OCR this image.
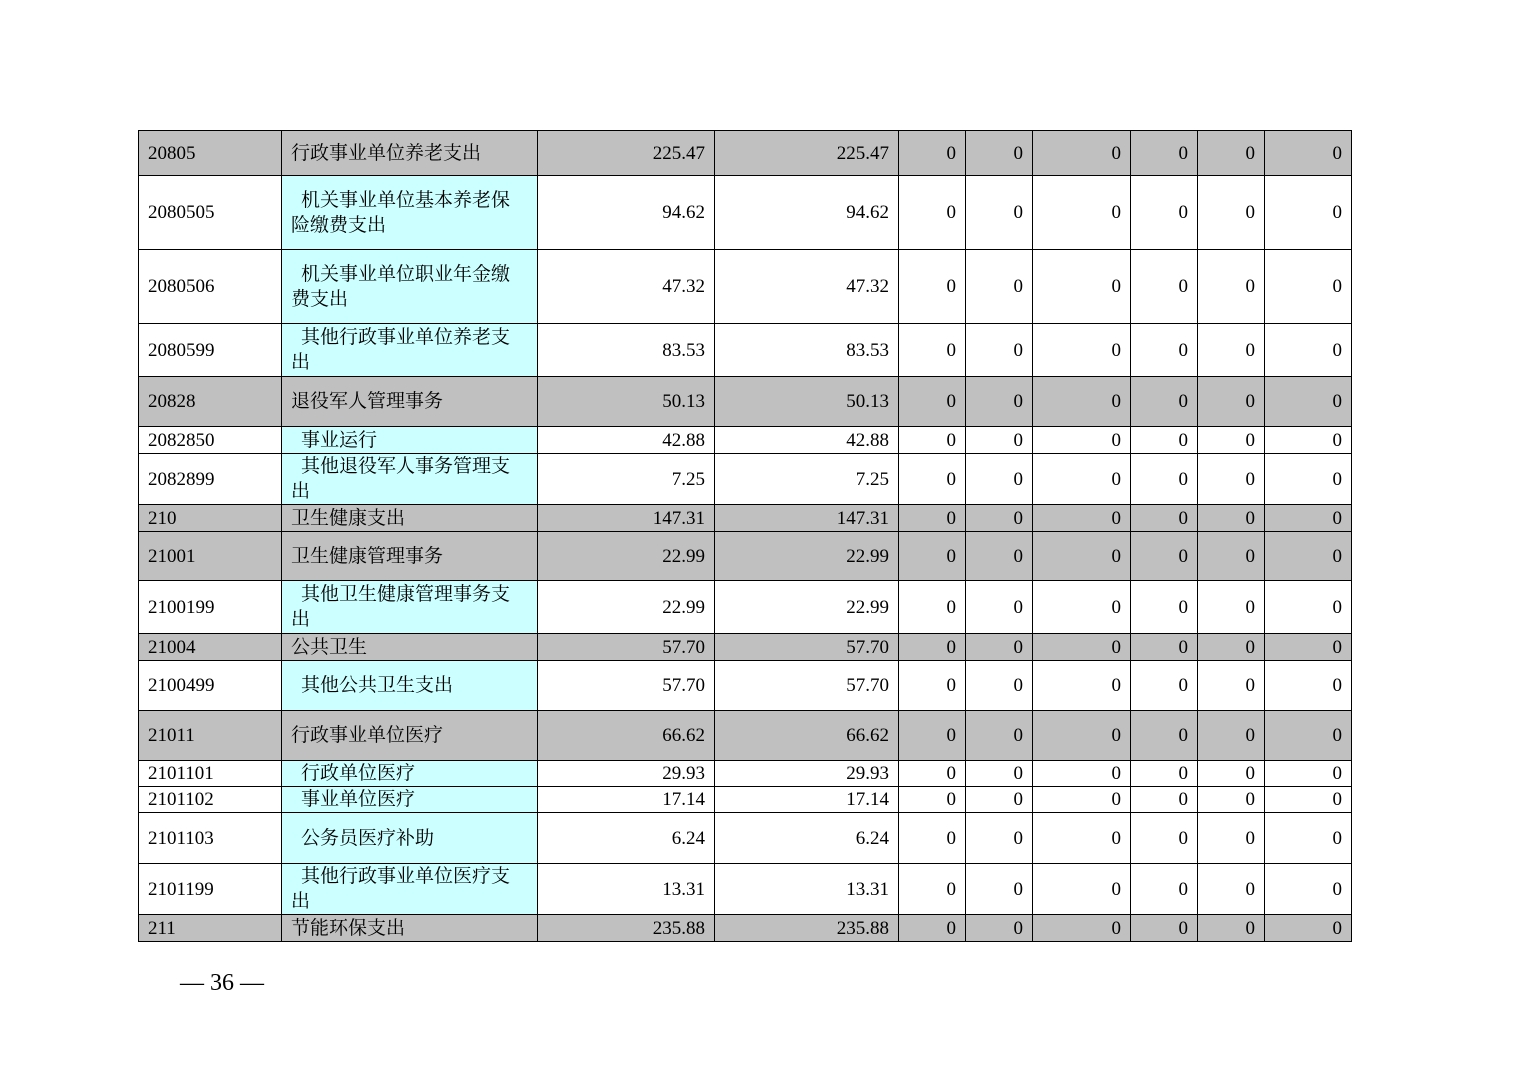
20805	行政事业单位养老支出	225.47	225.47	0	0	0	0	0	0
2080505	机关事业单位基本养老保险缴费支出	94.62	94.62	0	0	0	0	0	0
2080506	机关事业单位职业年金缴费支出	47.32	47.32	0	0	0	0	0	0
2080599	其他行政事业单位养老支出	83.53	83.53	0	0	0	0	0	0
20828	退役军人管理事务	50.13	50.13	0	0	0	0	0	0
2082850	事业运行	42.88	42.88	0	0	0	0	0	0
2082899	其他退役军人事务管理支出	7.25	7.25	0	0	0	0	0	0
210	卫生健康支出	147.31	147.31	0	0	0	0	0	0
21001	卫生健康管理事务	22.99	22.99	0	0	0	0	0	0
2100199	其他卫生健康管理事务支出	22.99	22.99	0	0	0	0	0	0
21004	公共卫生	57.70	57.70	0	0	0	0	0	0
2100499	其他公共卫生支出	57.70	57.70	0	0	0	0	0	0
21011	行政事业单位医疗	66.62	66.62	0	0	0	0	0	0
2101101	行政单位医疗	29.93	29.93	0	0	0	0	0	0
2101102	事业单位医疗	17.14	17.14	0	0	0	0	0	0
2101103	公务员医疗补助	6.24	6.24	0	0	0	0	0	0
2101199	其他行政事业单位医疗支出	13.31	13.31	0	0	0	0	0	0
211	节能环保支出	235.88	235.88	0	0	0	0	0	0
— 36 —
